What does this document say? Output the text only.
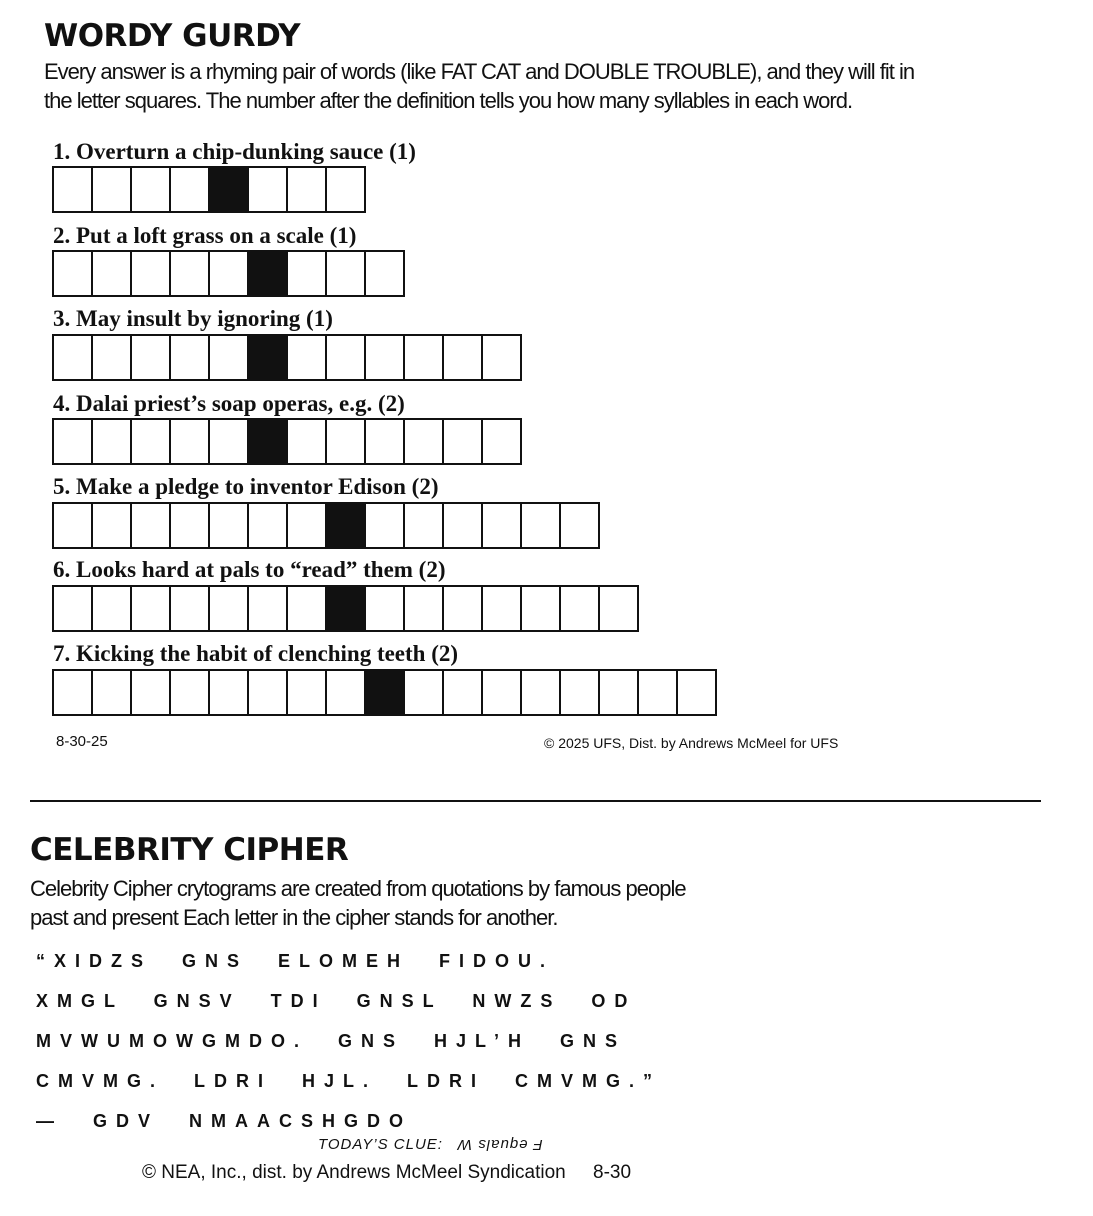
WORDY GURDY
Every answer is a rhyming pair of words (like FAT CAT and DOUBLE TROUBLE), and they will fit in
the letter squares. The number after the definition tells you how many syllables in each word.
1. Overturn a chip-dunking sauce (1)
2. Put a loft grass on a scale (1)
3. May insult by ignoring (1)
4. Dalai priest’s soap operas, e.g. (2)
5. Make a pledge to inventor Edison (2)
6. Looks hard at pals to “read” them (2)
7. Kicking the habit of clenching teeth (2)
8-30-25	© 2025 UFS, Dist. by Andrews McMeel for UFS
CELEBRITY CIPHER
Celebrity Cipher crytograms are created from quotations by famous people
past and present Each letter in the cipher stands for another.
“XIDZS GNS ELOMEH FIDOU.
XMGL GNSV TDI GNSL NWZS OD
MVWUMOWGMDO. GNS HJL’H GNS
CMVMG. LDRI HJL. LDRI CMVMG.”
— GDV NMAACSHGDO
TODAY’S CLUE: F equals W
© NEA, Inc., dist. by Andrews McMeel Syndication 8-30
